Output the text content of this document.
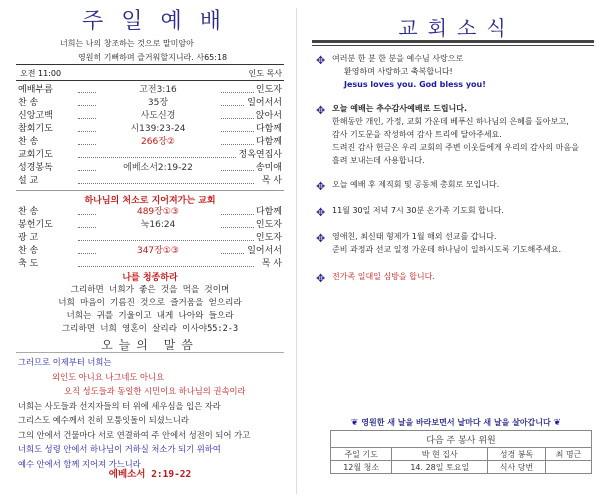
주일예배
너희는 나의 창조하는 것으로 말미암아
영원히 기뻐하며 즐거워할지니라. 사65:18
오전 11:00	인도 목사
예배부름	고전3:16	인도자
찬 송	35장	일어서서
신앙고백	사도신경	앉아서
참회기도	시139:23-24	다함께
찬 송	266장②	다함께
교회기도	정옥연집사
성경봉독	에베소서2:19-22	송미애
설 교	목 사
하나님의 처소로 지어져가는 교회
찬 송	489장①③	다함께
봉헌기도	눅16:24	인도자
광 고	인도자
찬 송	347장①③	일어서서
축 도	목 사
나를 청종하라
그리하면 너희가 좋은 것을 먹을 것이며
너희 마음이 기름진 것으로 즐거움을 얻으리라
너희는 귀를 기울이고 내게 나아와 들으라
그리하면 너희 영혼이 살리라 이사야55:2-3
오늘의 말씀
그러므로 이제부터 너희는
외인도 아니요 나그네도 아니요
오직 성도들과 동일한 시민이요 하나님의 권속이라
너희는 사도들과 선지자들의 터 위에 세우심을 입은 자라
그리스도 예수께서 친히 모퉁잇돌이 되셨느니라
그의 안에서 건물마다 서로 연결하여 주 안에서 성전이 되어 가고
너희도 성령 안에서 하나님이 거하실 처소가 되기 위하여
예수 안에서 함께 지어져 가느니라
에베소서 2:19-22
교회소식
✥ 여러분 한 분 한 분을 예수님 사랑으로
환영하며 사랑하고 축복합니다!
Jesus loves you. God bless you!
✥ 오늘 예배는 추수감사예배로 드립니다.
한해동안 개인, 가정, 교회 가운데 베푸신 하나님의 은혜를 돌아보고,
감사 기도문을 작성하여 감사 트리에 달아주세요.
드려진 감사 헌금은 우리 교회의 주변 이웃들에게 우리의 감사의 마음을
흘려 보내는데 사용합니다.
✥ 오늘 예배 후 제직회 및 공동체 총회로 모입니다.
✥ 11월 30일 저녁 7시 30분 온가족 기도회 합니다.
✥ 영애친, 최신태 형제가 1월 해외 선교를 갑니다.
준비 과정과 선교 일정 가운데 하나님이 일하시도록 기도해주세요.
✥ 전가족 일대일 심방을 합니다.
❦ 영원한 새 날을 바라보면서 날마다 새 날을 살아갑니다 ❦
다음 주 봉사 위원			
주일 기도	박 현 집사	성경 봉독	최 명근
12월 청소	14. 28일 토요일	식사 당번	
